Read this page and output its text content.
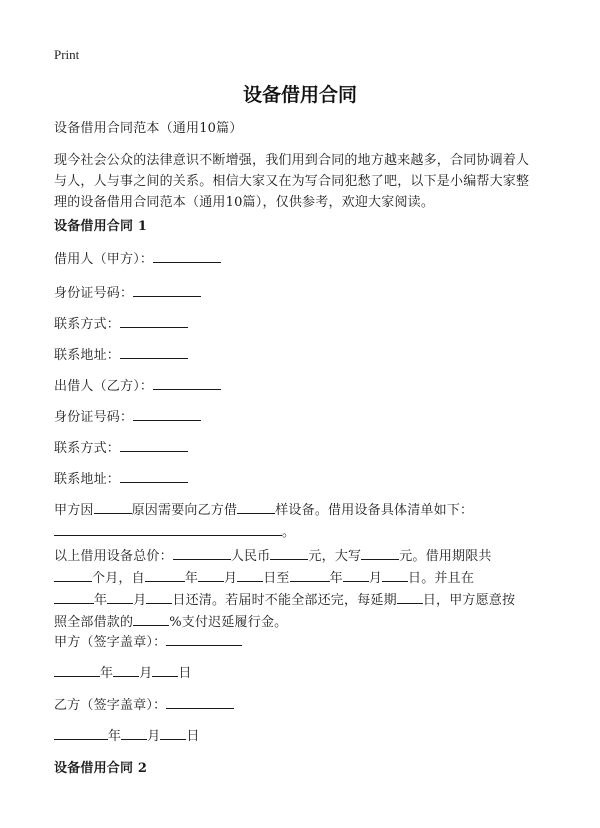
Print
设备借用合同
设备借用合同范本（通用10篇）
现今社会公众的法律意识不断增强，我们用到合同的地方越来越多，合同协调着人
与人，人与事之间的关系。相信大家又在为写合同犯愁了吧，以下是小编帮大家整
理的设备借用合同范本（通用10篇），仅供参考，欢迎大家阅读。
设备借用合同 1
借用人（甲方）：
身份证号码：
联系方式：
联系地址：
出借人（乙方）：
身份证号码：
联系方式：
联系地址：
甲方因	原因需要向乙方借	样设备。借用设备具体清单如下：
。
以上借用设备总价：	人民币	元，大写	元。借用期限共
个月，自	年 月 日至	年 月 日。并且在
年 月 日还清。若届时不能全部还完，每延期 日，甲方愿意按
照全部借款的	%支付迟延履行金。
甲方（签字盖章）：
年 月 日
乙方（签字盖章）：
年 月 日
设备借用合同 2
